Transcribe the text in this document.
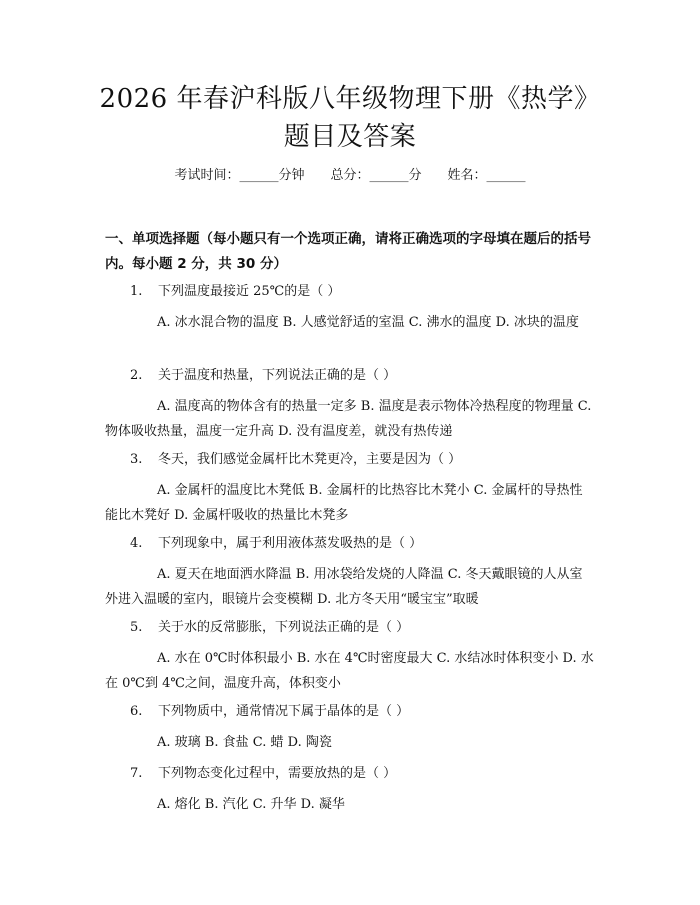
2026 年春沪科版八年级物理下册《热学》题目及答案
考试时间：______分钟 总分：______分 姓名：______
一、单项选择题（每小题只有一个选项正确，请将正确选项的字母填在题后的括号内。每小题 2 分，共 30 分）
1. 下列温度最接近 25℃的是（ ）
A. 冰水混合物的温度 B. 人感觉舒适的室温 C. 沸水的温度 D. 冰块的温度
2. 关于温度和热量，下列说法正确的是（ ）
A. 温度高的物体含有的热量一定多 B. 温度是表示物体冷热程度的物理量 C. 物体吸收热量，温度一定升高 D. 没有温度差，就没有热传递
3. 冬天，我们感觉金属杆比木凳更冷，主要是因为（ ）
A. 金属杆的温度比木凳低 B. 金属杆的比热容比木凳小 C. 金属杆的导热性能比木凳好 D. 金属杆吸收的热量比木凳多
4. 下列现象中，属于利用液体蒸发吸热的是（ ）
A. 夏天在地面洒水降温 B. 用冰袋给发烧的人降温 C. 冬天戴眼镜的人从室外进入温暖的室内，眼镜片会变模糊 D. 北方冬天用“暖宝宝”取暖
5. 关于水的反常膨胀，下列说法正确的是（ ）
A. 水在 0℃时体积最小 B. 水在 4℃时密度最大 C. 水结冰时体积变小 D. 水在 0℃到 4℃之间，温度升高，体积变小
6. 下列物质中，通常情况下属于晶体的是（ ）
A. 玻璃 B. 食盐 C. 蜡 D. 陶瓷
7. 下列物态变化过程中，需要放热的是（ ）
A. 熔化 B. 汽化 C. 升华 D. 凝华
